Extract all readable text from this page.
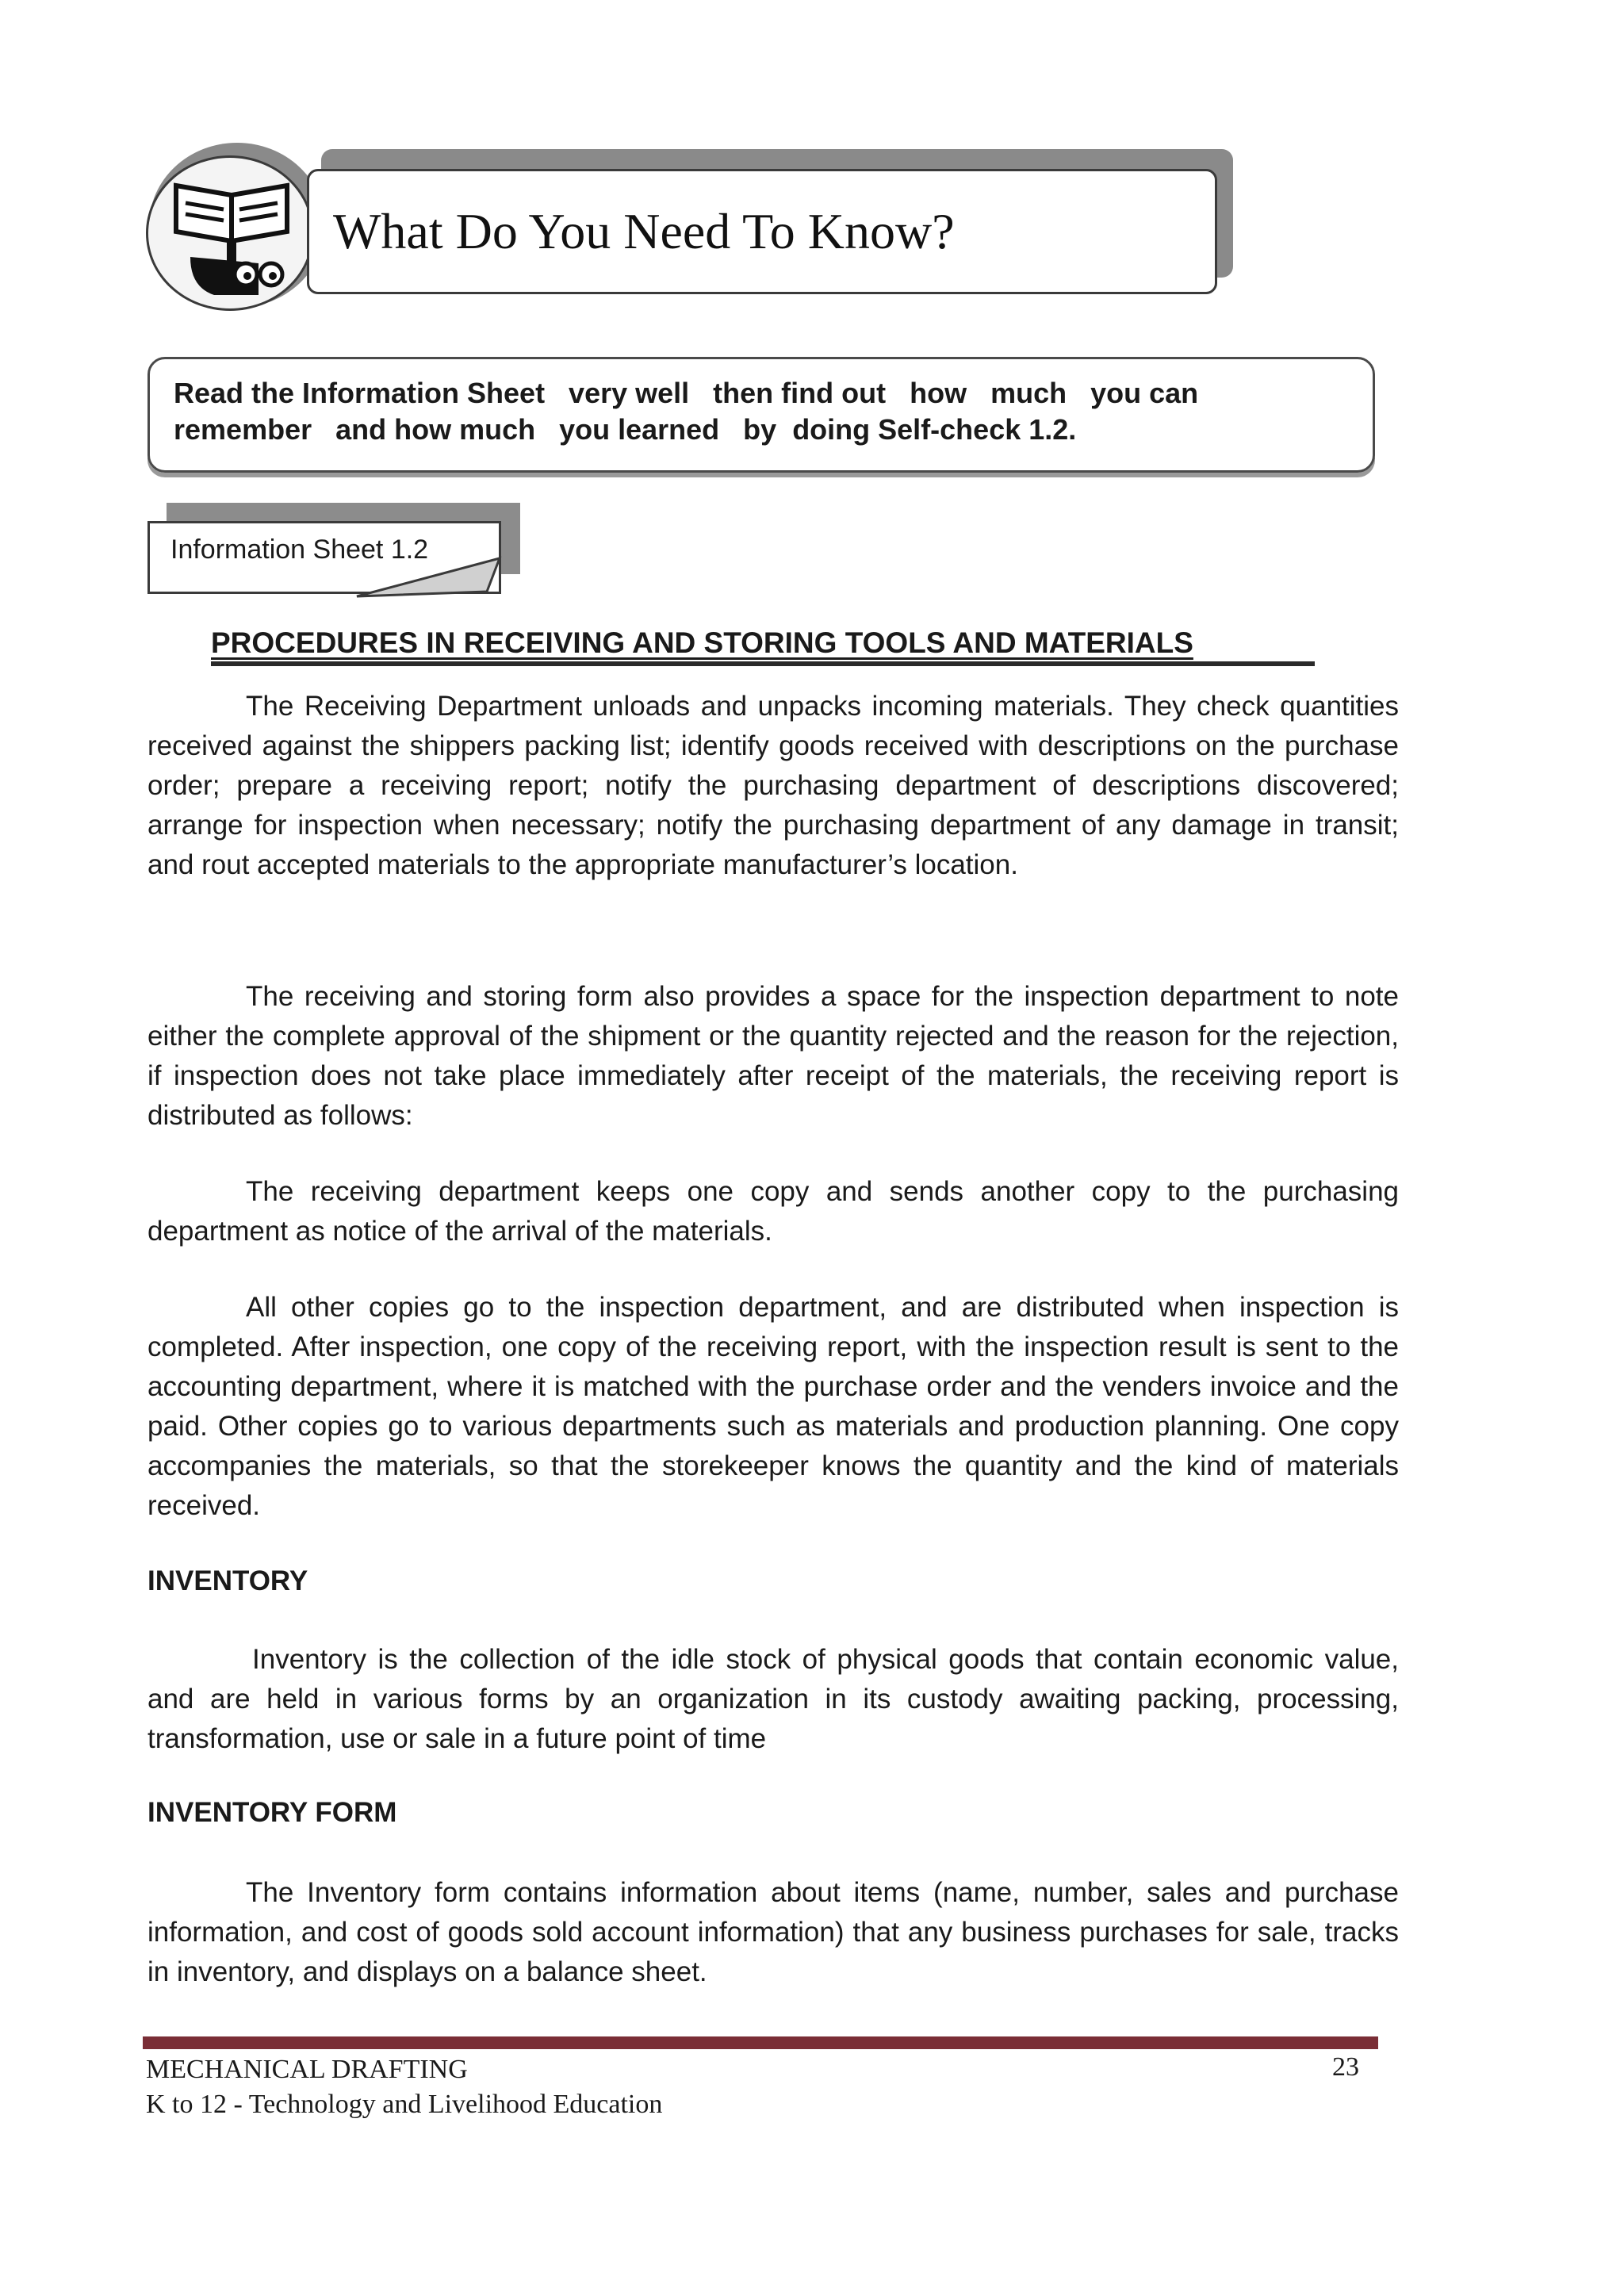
What Do You Need To Know?
Read the Information Sheet   very well   then find out   how   much   you can
remember   and how much   you learned   by  doing Self-check 1.2.
Information Sheet 1.2
PROCEDURES IN RECEIVING AND STORING TOOLS AND MATERIALS

The Receiving Department unloads and unpacks incoming materials. They check quantities received against the shippers packing list; identify goods received with descriptions on the purchase order; prepare a receiving report; notify the purchasing department of descriptions discovered; arrange for inspection when necessary; notify the purchasing department of any damage in transit; and rout accepted materials to the appropriate manufacturer’s location.

The receiving and storing form also provides a space for the inspection department to note either the complete approval of the shipment or the quantity rejected and the reason for the rejection, if inspection does not take place immediately after receipt of the materials, the receiving report is distributed as follows:

The receiving department keeps one copy and sends another copy to the purchasing department as notice of the arrival of the materials.

All other copies go to the inspection department, and are distributed when inspection is completed. After inspection, one copy of the receiving report, with the inspection result is sent to the accounting department, where it is matched with the purchase order and the venders invoice and the paid. Other copies go to various departments such as materials and production planning. One copy accompanies the materials, so that the storekeeper knows the quantity and the kind of materials received.

INVENTORY

Inventory is the collection of the idle stock of physical goods that contain economic value, and are held in various forms by an organization in its custody awaiting packing, processing, transformation, use or sale in a future point of time

INVENTORY FORM

The Inventory form contains information about items (name, number, sales and purchase information, and cost of goods sold account information) that any business purchases for sale, tracks in inventory, and displays on a balance sheet.

MECHANICAL DRAFTING
K to 12 - Technology and Livelihood Education
23
